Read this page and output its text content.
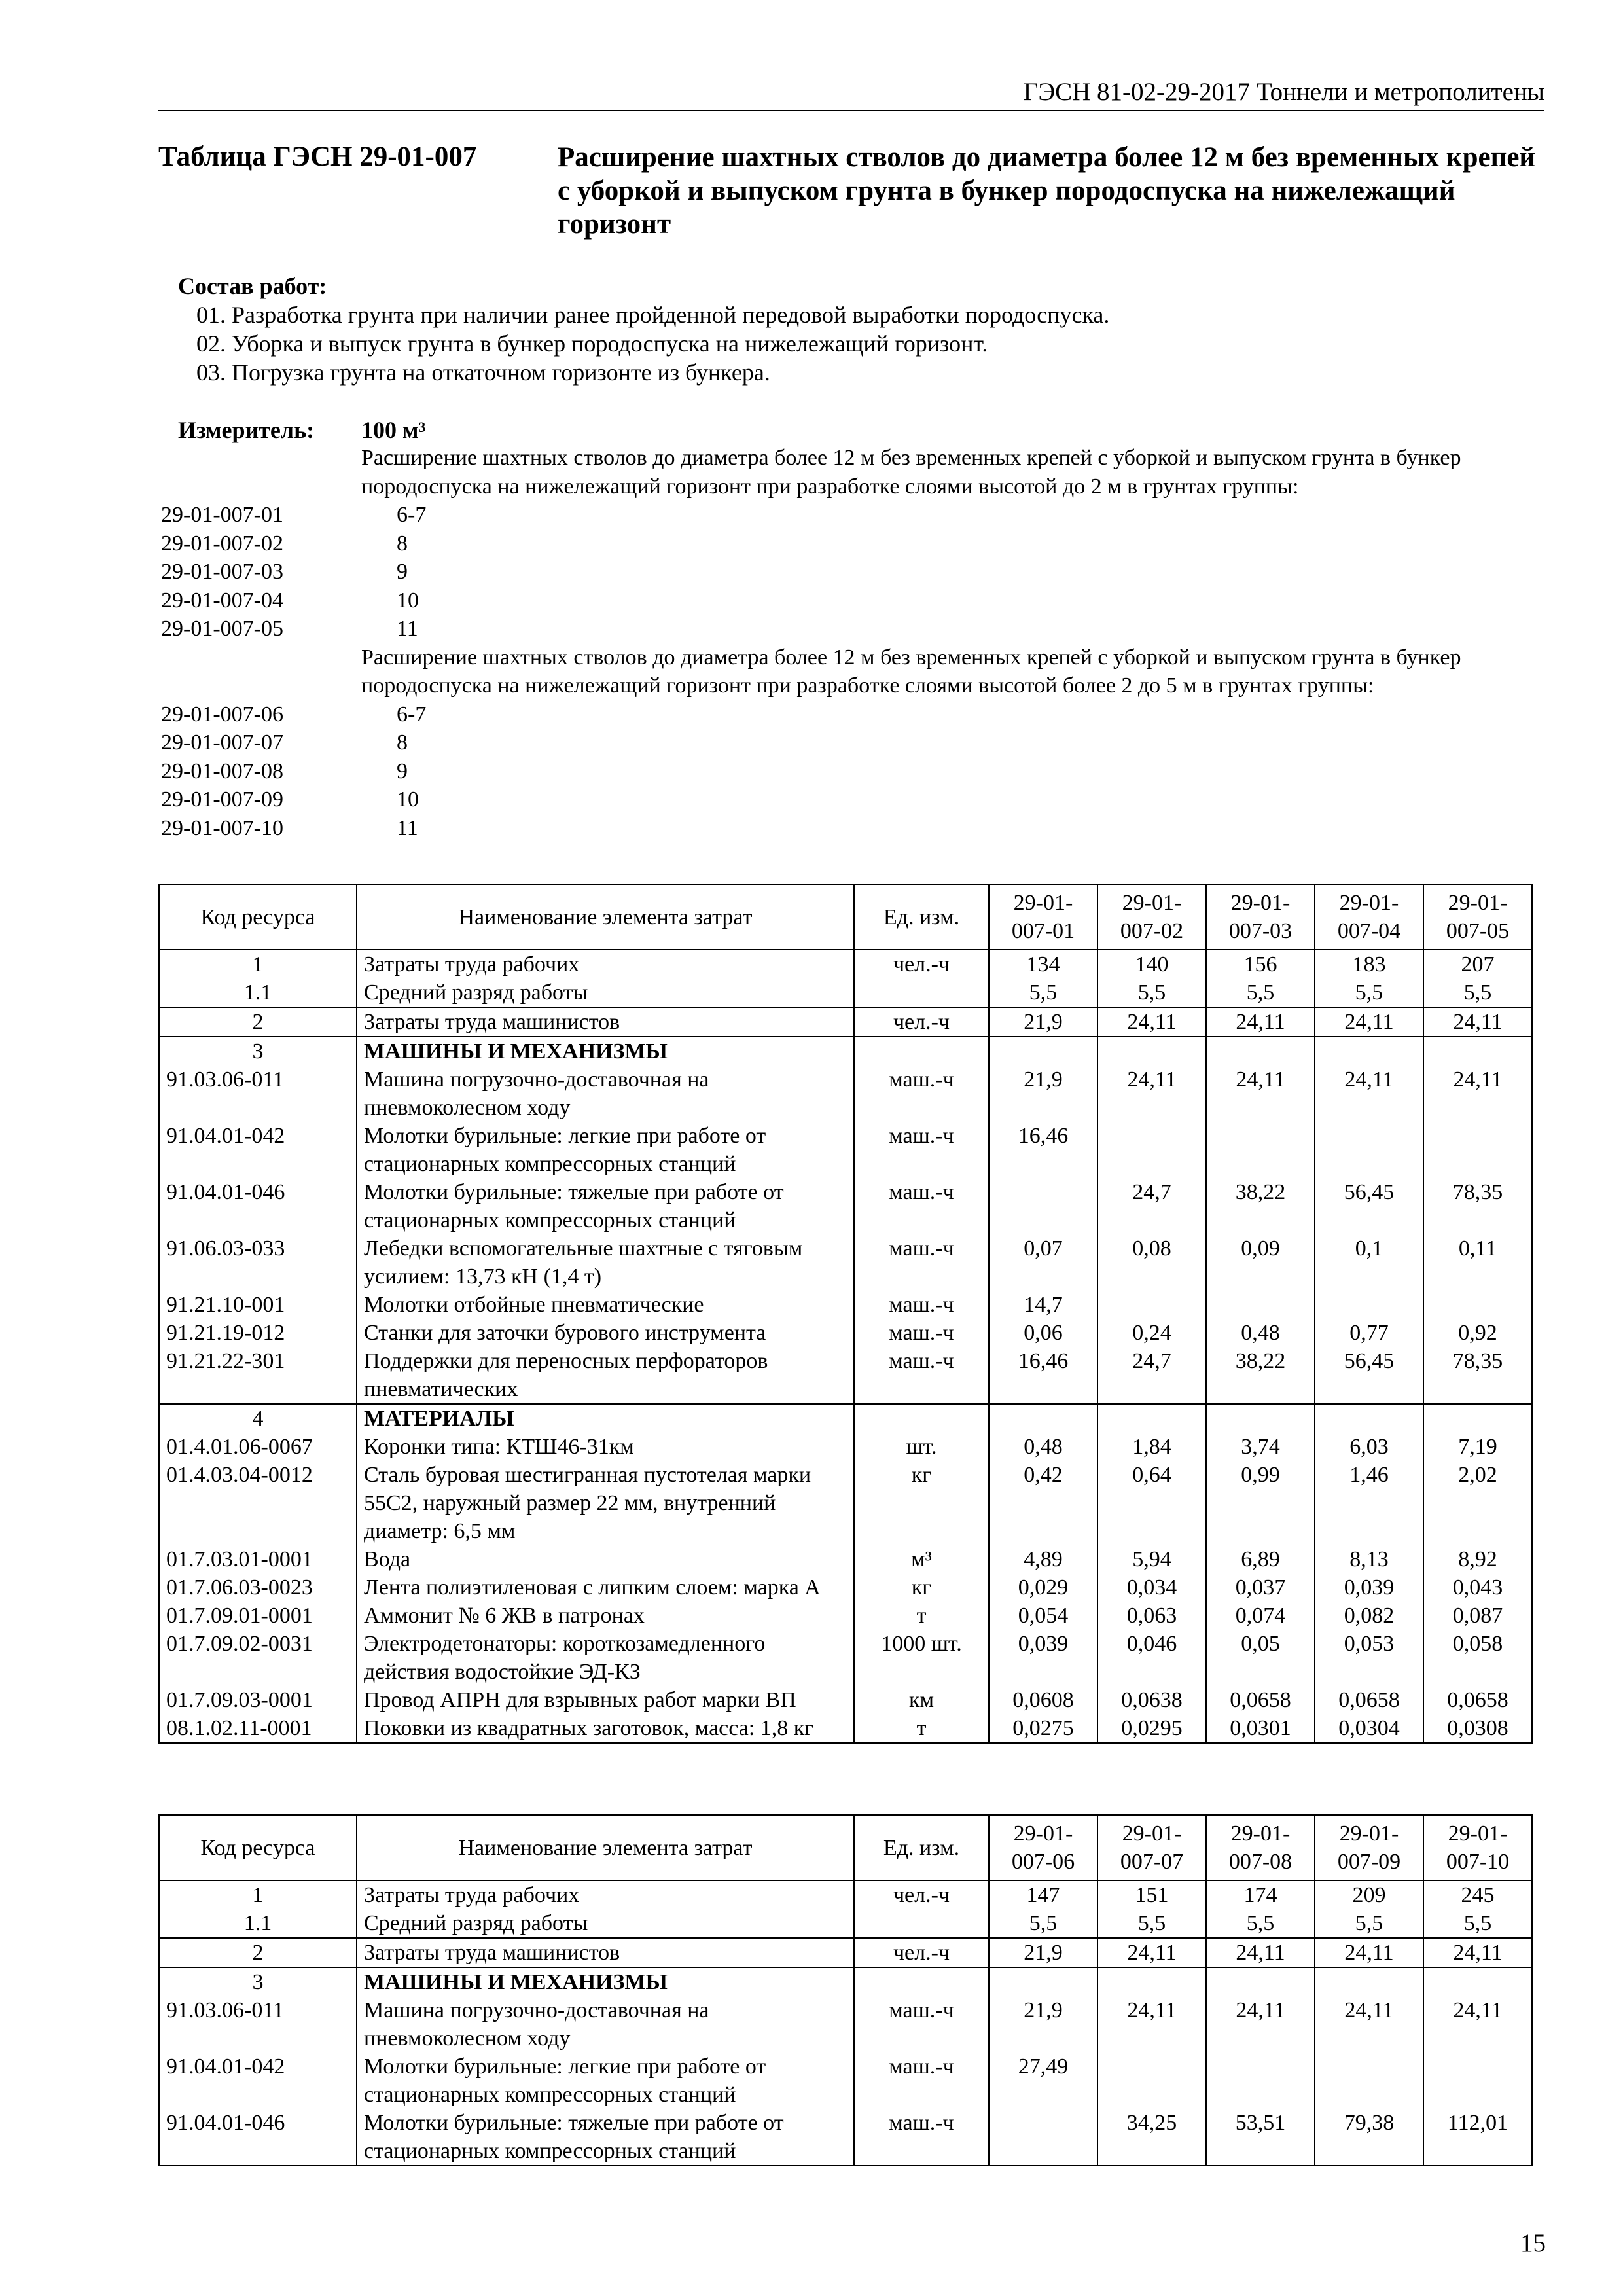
ГЭСН 81-02-29-2017 Тоннели и метрополитены
Таблица ГЭСН 29-01-007	Расширение шахтных стволов до диаметра более 12 м без временных крепей с уборкой и выпуском грунта в бункер породоспуска на нижележащий горизонт
Состав работ:
01. Разработка грунта при наличии ранее пройденной передовой выработки породоспуска.
02. Уборка и выпуск грунта в бункер породоспуска на нижележащий горизонт.
03. Погрузка грунта на откаточном горизонте из бункера.
Измеритель: 100 м³
Расширение шахтных стволов до диаметра более 12 м без временных крепей с уборкой и выпуском грунта в бункер породоспуска на нижележащий горизонт при разработке слоями высотой до 2 м в грунтах группы:
29-01-007-01	6-7
29-01-007-02	8
29-01-007-03	9
29-01-007-04	10
29-01-007-05	11
Расширение шахтных стволов до диаметра более 12 м без временных крепей с уборкой и выпуском грунта в бункер породоспуска на нижележащий горизонт при разработке слоями высотой более 2 до 5 м в грунтах группы:
29-01-007-06	6-7
29-01-007-07	8
29-01-007-08	9
29-01-007-09	10
29-01-007-10	11
Код ресурса	Наименование элемента затрат	Ед. изм.	29-01-007-01	29-01-007-02	29-01-007-03	29-01-007-04	29-01-007-05
1	Затраты труда рабочих	чел.-ч	134	140	156	183	207
1.1	Средний разряд работы		5,5	5,5	5,5	5,5	5,5
2	Затраты труда машинистов	чел.-ч	21,9	24,11	24,11	24,11	24,11
3	МАШИНЫ И МЕХАНИЗМЫ						
91.03.06-011	Машина погрузочно-доставочная на пневмоколесном ходу	маш.-ч	21,9	24,11	24,11	24,11	24,11
91.04.01-042	Молотки бурильные: легкие при работе от стационарных компрессорных станций	маш.-ч	16,46				
91.04.01-046	Молотки бурильные: тяжелые при работе от стационарных компрессорных станций	маш.-ч		24,7	38,22	56,45	78,35
91.06.03-033	Лебедки вспомогательные шахтные с тяговым усилием: 13,73 кН (1,4 т)	маш.-ч	0,07	0,08	0,09	0,1	0,11
91.21.10-001	Молотки отбойные пневматические	маш.-ч	14,7				
91.21.19-012	Станки для заточки бурового инструмента	маш.-ч	0,06	0,24	0,48	0,77	0,92
91.21.22-301	Поддержки для переносных перфораторов пневматических	маш.-ч	16,46	24,7	38,22	56,45	78,35
4	МАТЕРИАЛЫ						
01.4.01.06-0067	Коронки типа: КТШ46-31км	шт.	0,48	1,84	3,74	6,03	7,19
01.4.03.04-0012	Сталь буровая шестигранная пустотелая марки 55С2, наружный размер 22 мм, внутренний диаметр: 6,5 мм	кг	0,42	0,64	0,99	1,46	2,02
01.7.03.01-0001	Вода	м³	4,89	5,94	6,89	8,13	8,92
01.7.06.03-0023	Лента полиэтиленовая с липким слоем: марка А	кг	0,029	0,034	0,037	0,039	0,043
01.7.09.01-0001	Аммонит № 6 ЖВ в патронах	т	0,054	0,063	0,074	0,082	0,087
01.7.09.02-0031	Электродетонаторы: короткозамедленного действия водостойкие ЭД-КЗ	1000 шт.	0,039	0,046	0,05	0,053	0,058
01.7.09.03-0001	Провод АПРН для взрывных работ марки ВП	км	0,0608	0,0638	0,0658	0,0658	0,0658
08.1.02.11-0001	Поковки из квадратных заготовок, масса: 1,8 кг	т	0,0275	0,0295	0,0301	0,0304	0,0308
Код ресурса	Наименование элемента затрат	Ед. изм.	29-01-007-06	29-01-007-07	29-01-007-08	29-01-007-09	29-01-007-10
1	Затраты труда рабочих	чел.-ч	147	151	174	209	245
1.1	Средний разряд работы		5,5	5,5	5,5	5,5	5,5
2	Затраты труда машинистов	чел.-ч	21,9	24,11	24,11	24,11	24,11
3	МАШИНЫ И МЕХАНИЗМЫ						
91.03.06-011	Машина погрузочно-доставочная на пневмоколесном ходу	маш.-ч	21,9	24,11	24,11	24,11	24,11
91.04.01-042	Молотки бурильные: легкие при работе от стационарных компрессорных станций	маш.-ч	27,49				
91.04.01-046	Молотки бурильные: тяжелые при работе от стационарных компрессорных станций	маш.-ч		34,25	53,51	79,38	112,01
15
